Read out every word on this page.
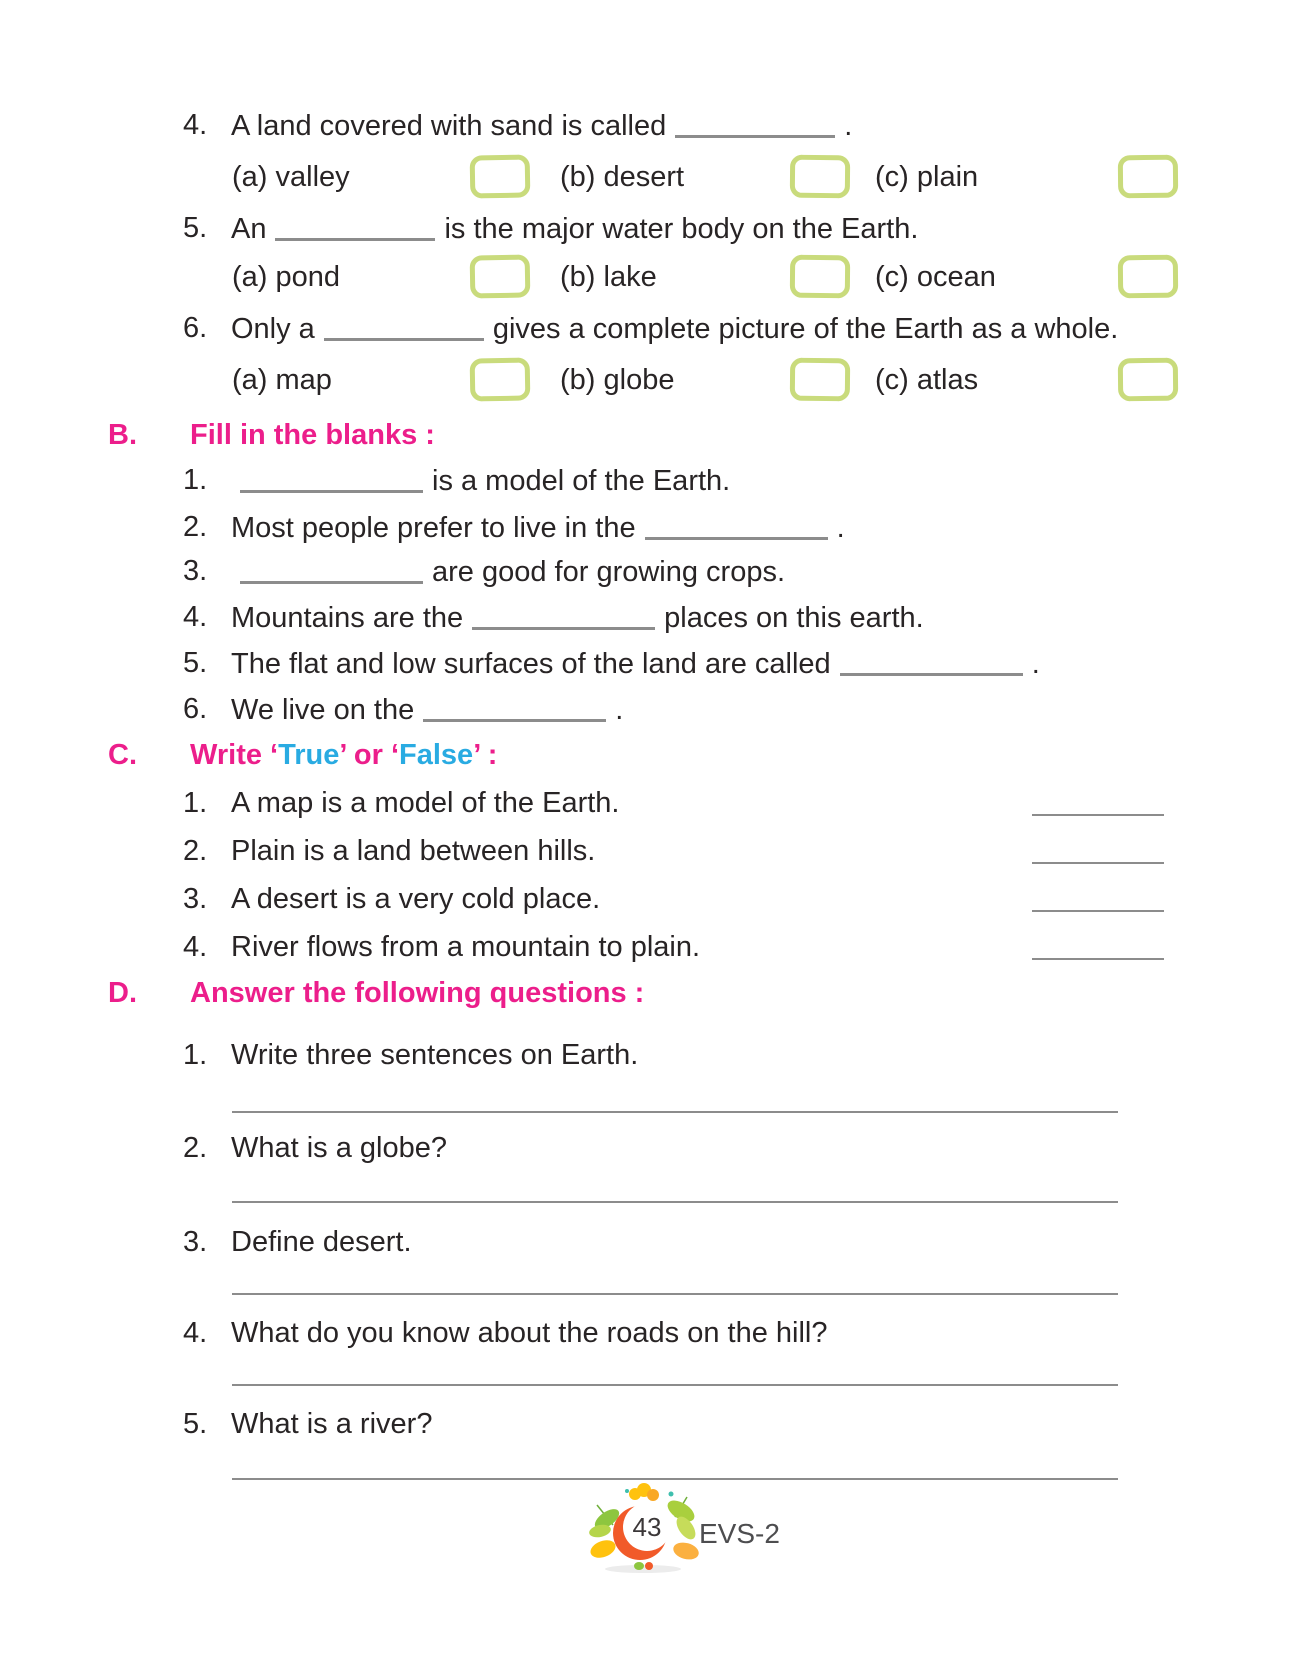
4. A land covered with sand is called	.
(a) valley	(b) desert	(c) plain
5. An	is the major water body on the Earth.
(a) pond	(b) lake	(c) ocean
6. Only a	gives a complete picture of the Earth as a whole.
(a) map	(b) globe	(c) atlas
B. Fill in the blanks :
1.	is a model of the Earth.
2. Most people prefer to live in the	.
3.	are good for growing crops.
4. Mountains are the	places on this earth.
5. The flat and low surfaces of the land are called	.
6. We live on the	.
C. Write ‘True’ or ‘False’ :
1. A map is a model of the Earth.
2. Plain is a land between hills.
3. A desert is a very cold place.
4. River flows from a mountain to plain.
D. Answer the following questions :
1. Write three sentences on Earth.
2. What is a globe?
3. Define desert.
4. What do you know about the roads on the hill?
5. What is a river?
43 EVS-2
